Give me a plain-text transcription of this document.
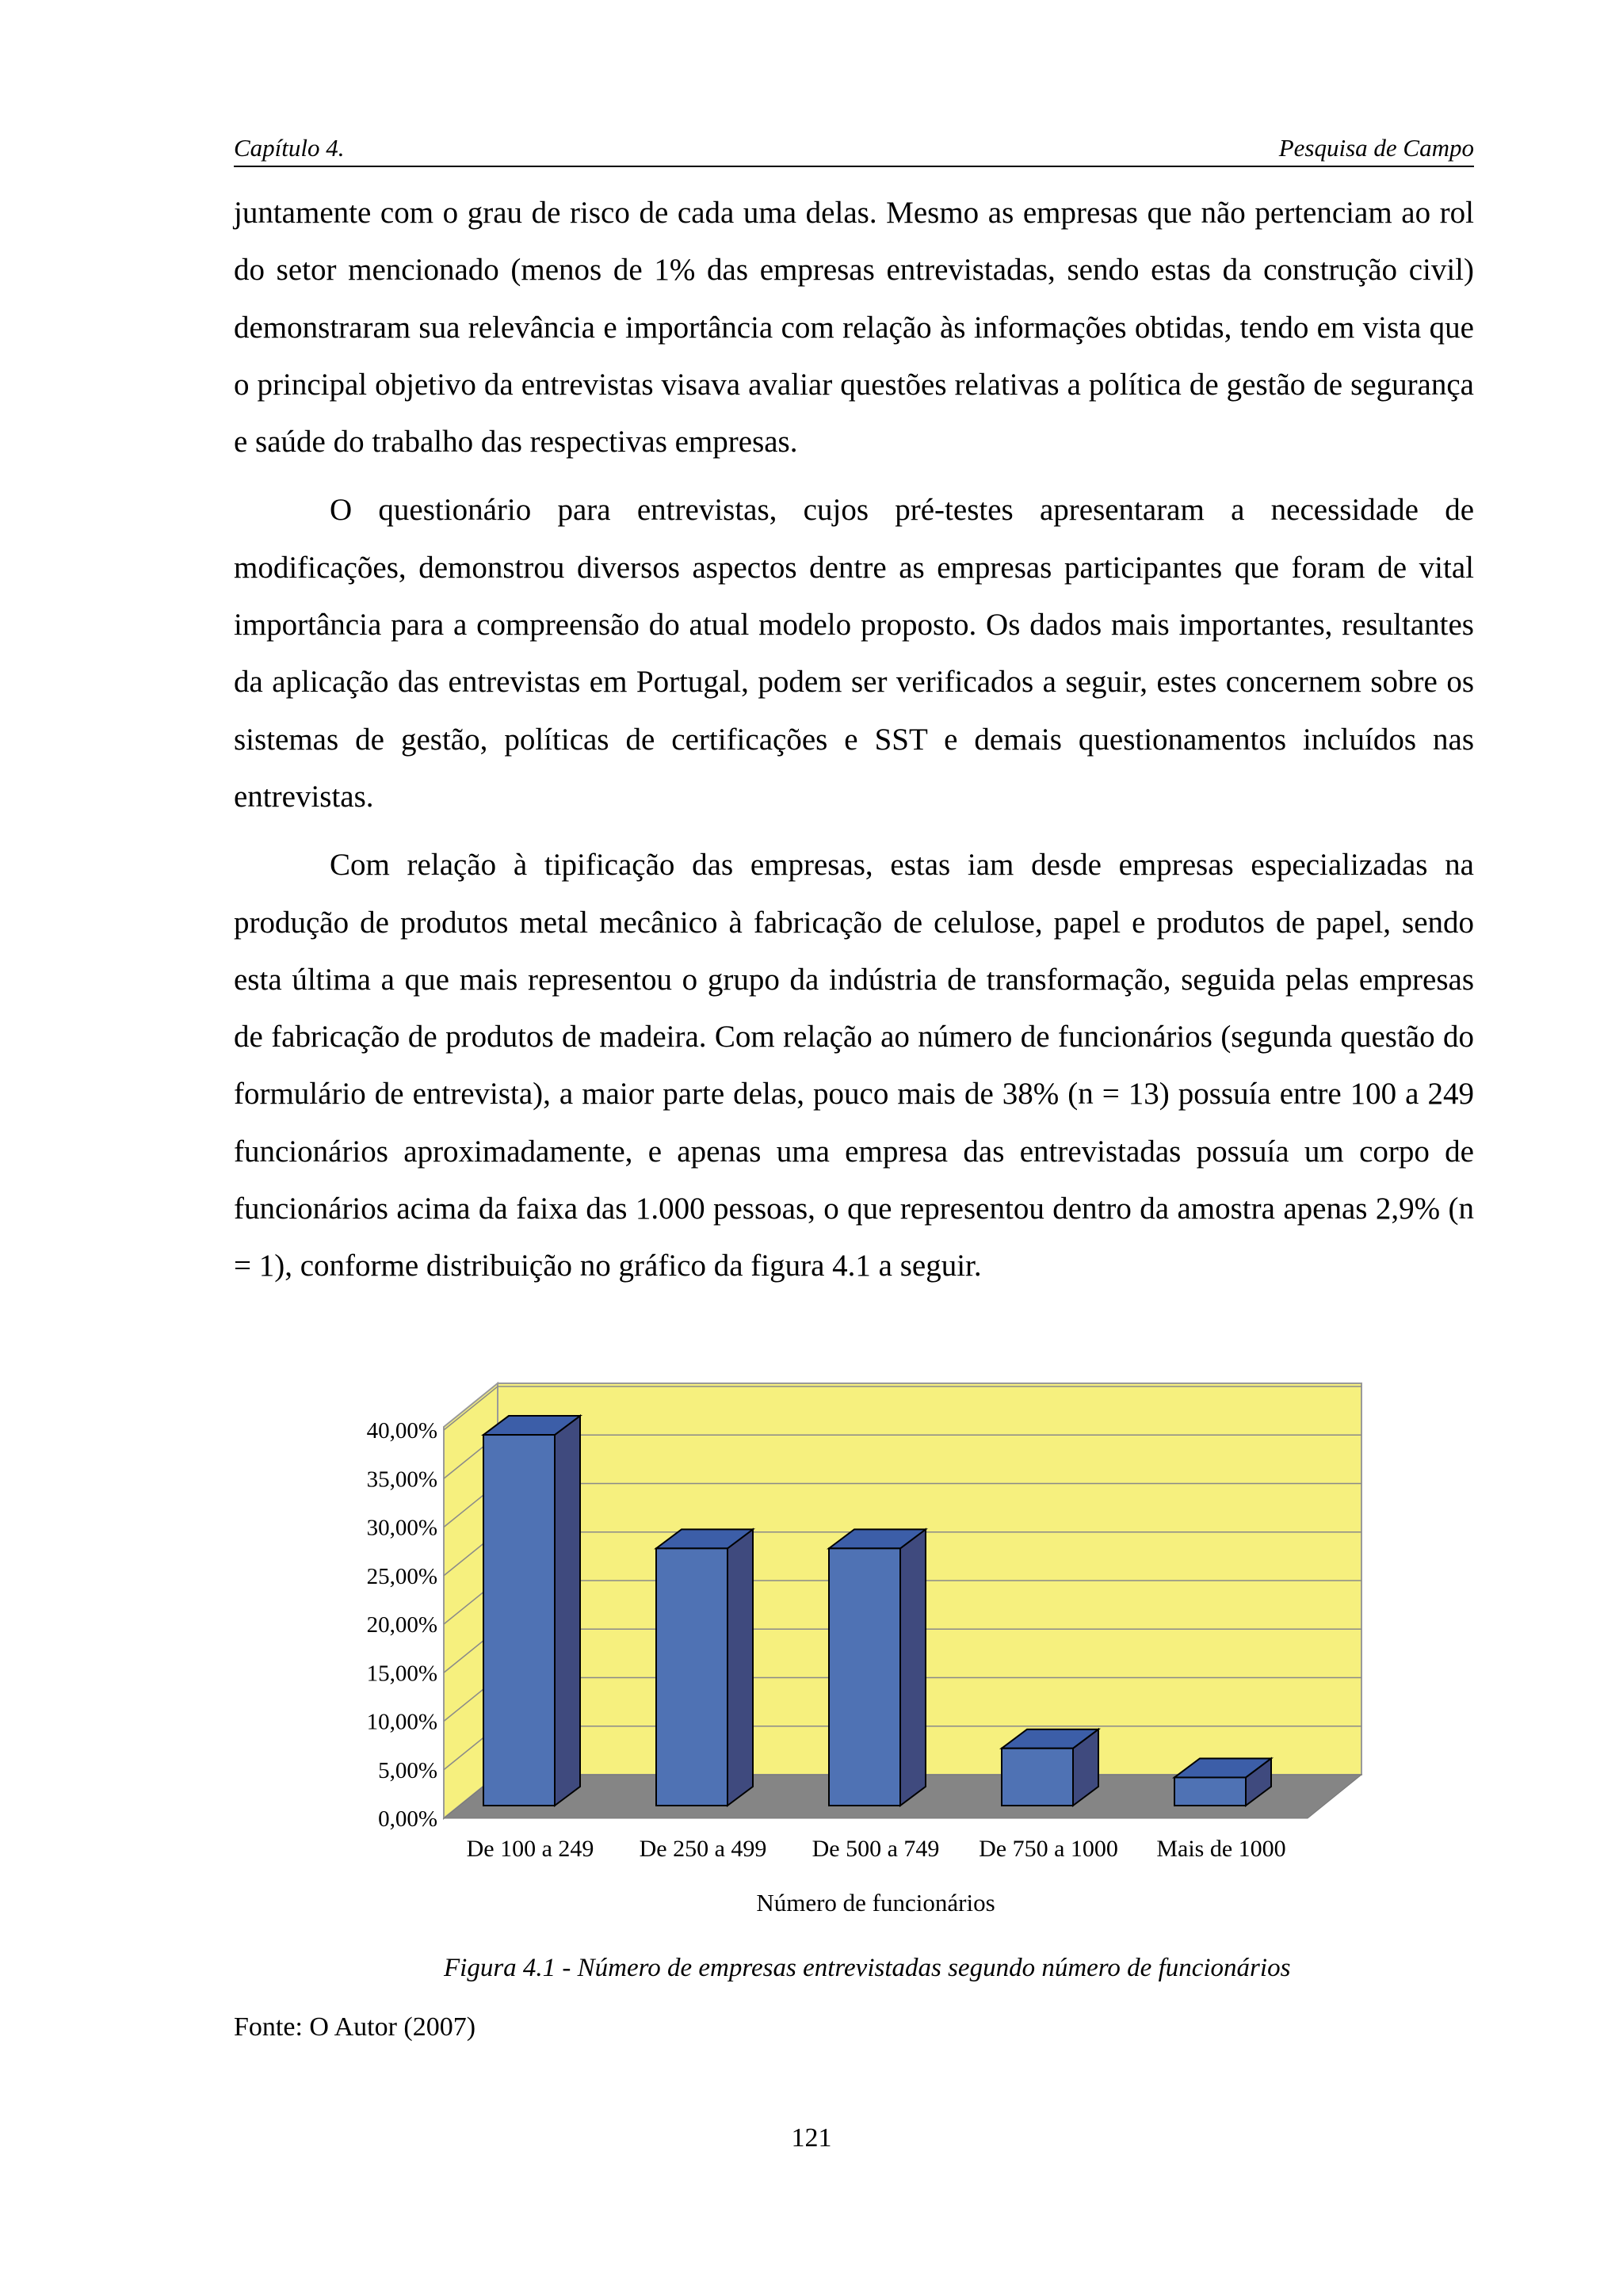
Capítulo 4.	Pesquisa de Campo

juntamente com o grau de risco de cada uma delas. Mesmo as empresas que não pertenciam ao rol do setor mencionado (menos de 1% das empresas entrevistadas, sendo estas da construção civil) demonstraram sua relevância e importância com relação às informações obtidas, tendo em vista que o principal objetivo da entrevistas visava avaliar questões relativas a política de gestão de segurança e saúde do trabalho das respectivas empresas.

O questionário para entrevistas, cujos pré-testes apresentaram a necessidade de modificações, demonstrou diversos aspectos dentre as empresas participantes que foram de vital importância para a compreensão do atual modelo proposto. Os dados mais importantes, resultantes da aplicação das entrevistas em Portugal, podem ser verificados a seguir, estes concernem sobre os sistemas de gestão, políticas de certificações e SST e demais questionamentos incluídos nas entrevistas.

Com relação à tipificação das empresas, estas iam desde empresas especializadas na produção de produtos metal mecânico à fabricação de celulose, papel e produtos de papel, sendo esta última a que mais representou o grupo da indústria de transformação, seguida pelas empresas de fabricação de produtos de madeira. Com relação ao número de funcionários (segunda questão do formulário de entrevista), a maior parte delas, pouco mais de 38% (n = 13) possuía entre 100 a 249 funcionários aproximadamente, e apenas uma empresa das entrevistadas possuía um corpo de funcionários acima da faixa das 1.000 pessoas, o que representou dentro da amostra apenas 2,9% (n = 1), conforme distribuição no gráfico da figura 4.1 a seguir.

0,00%
5,00%
10,00%
15,00%
20,00%
25,00%
30,00%
35,00%
40,00%
De 100 a 249 De 250 a 499 De 500 a 749 De 750 a 1000 Mais de 1000
Número de funcionários
Figura 4.1 - Número de empresas entrevistadas segundo número de funcionários
Fonte: O Autor (2007)
121
